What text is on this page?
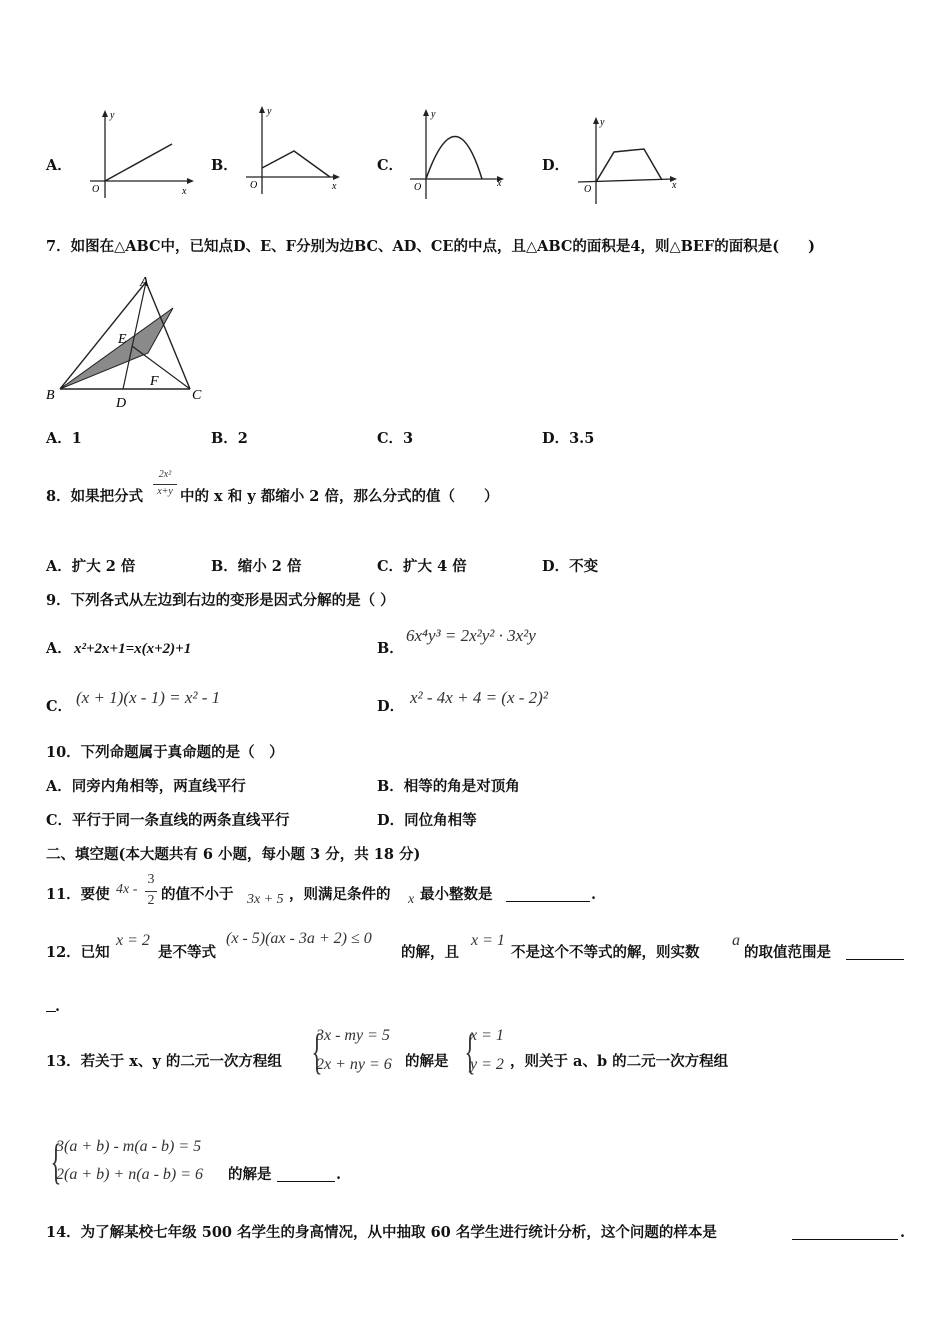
A．
y
O	x
B．
y
O	x
C．
y
O	x
D．
y
O	x
7．如图在△ABC中，已知点D、E、F分别为边BC、AD、CE的中点，且△ABC的面积是4，则△BEF的面积是(　　)
A
B	C
D
E
F
A．1	B．2	C．3	D．3.5
8．如果把分式
2x²
x+y 中的 x 和 y 都缩小 2 倍，那么分式的值（　　）
A．扩大 2 倍	B．缩小 2 倍	C．扩大 4 倍	D．不变
9．下列各式从左边到右边的变形是因式分解的是（ ）
A． x²+2x+1=x(x+2)+1	B．
6x⁴y³ = 2x²y² · 3x²y
C． (x + 1)(x - 1) = x² - 1	D． x² - 4x + 4 = (x - 2)²
10．下列命题属于真命题的是（　）
A．同旁内角相等，两直线平行	B．相等的角是对顶角
C．平行于同一条直线的两条直线平行	D．同位角相等
二、填空题(本大题共有 6 小题，每小题 3 分，共 18 分)
11．要使 4x -
3
2 的值不小于 3x + 5 ，则满足条件的 x 最小整数是	.
12．已知
x = 2
是不等式
(x - 5)(ax - 3a + 2) ≤ 0
的解，且
x = 1
不是这个不等式的解，则实数
a
的取值范围是
.
13．若关于 x、y 的二元一次方程组 {
3x - my = 5
2x + ny = 6 的解是 {
x = 1
y = 2 ，则关于 a、b 的二元一次方程组
{
3(a + b) - m(a - b) = 5
2(a + b) + n(a - b) = 6 的解是	.
14．为了解某校七年级 500 名学生的身高情况，从中抽取 60 名学生进行统计分析，这个问题的样本是	.
